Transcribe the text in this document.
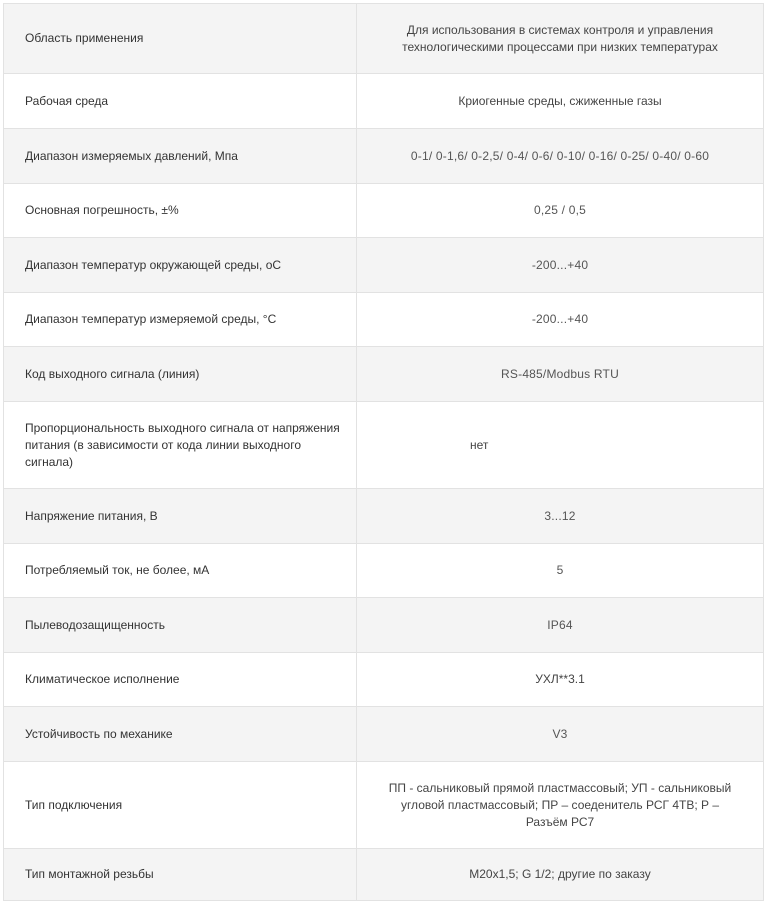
Область применения	Для использования в системах контроля и управления технологическими процессами при низких температурах
Рабочая среда	Криогенные среды, сжиженные газы
Диапазон измеряемых давлений, Мпа	0-1/ 0-1,6/ 0-2,5/ 0-4/ 0-6/ 0-10/ 0-16/ 0-25/ 0-40/ 0-60
Основная погрешность, ±%	0,25 / 0,5
Диапазон температур окружающей среды, оС	-200...+40
Диапазон температур измеряемой среды, °С	-200...+40
Код выходного сигнала (линия)	RS-485/Modbus RTU
Пропорциональность выходного сигнала от напряжения питания (в зависимости от кода линии выходного сигнала)	нет
Напряжение питания, В	3...12
Потребляемый ток, не более, мА	5
Пылеводозащищенность	IP64
Климатическое исполнение	УХЛ**3.1
Устойчивость по механике	V3
Тип подключения	ПП - сальниковый прямой пластмассовый; УП - сальниковый угловой пластмассовый; ПР – соеденитель РСГ 4ТВ; Р – Разъём РС7
Тип монтажной резьбы	M20х1,5; G 1/2; другие по заказу
